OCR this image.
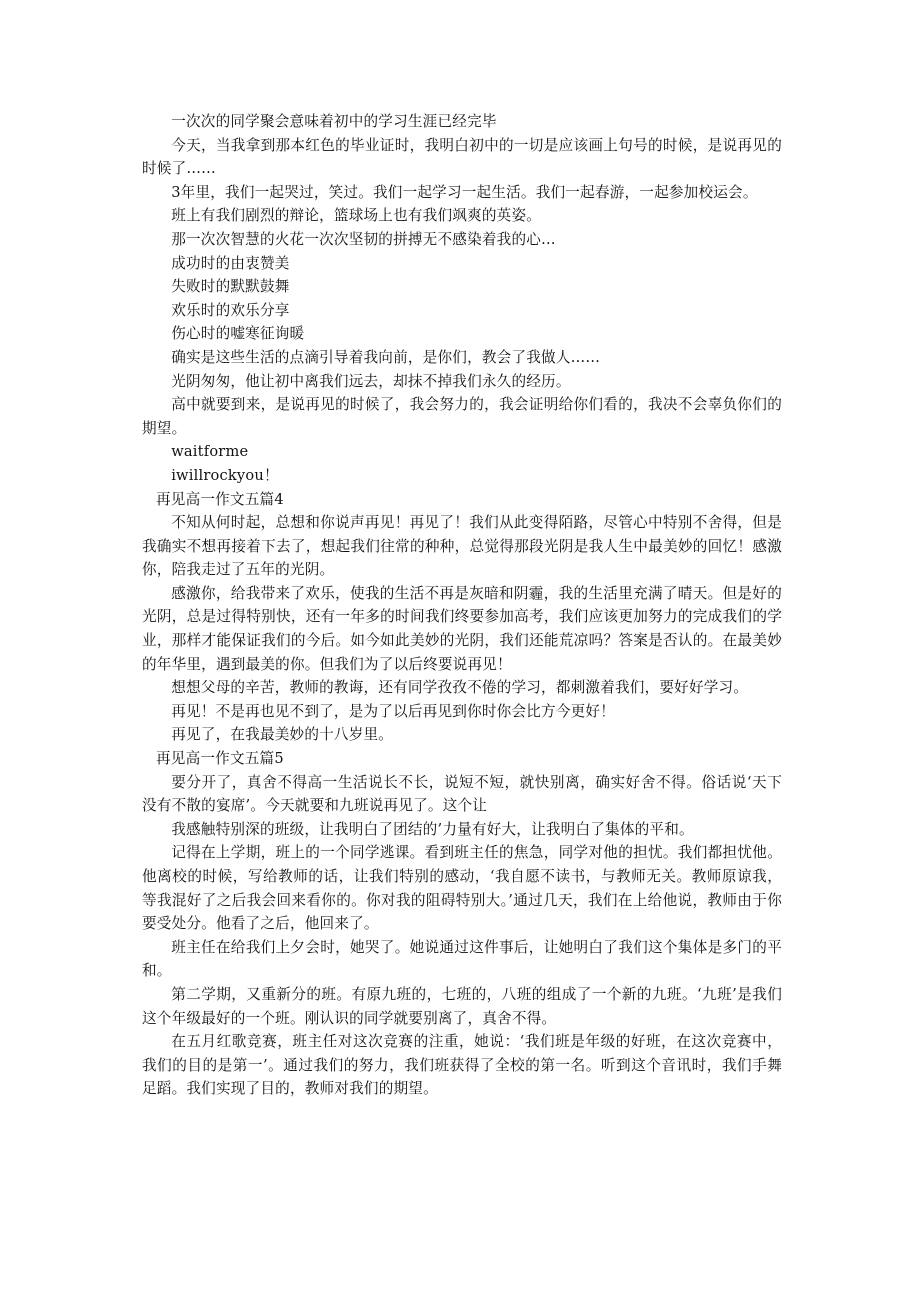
一次次的同学聚会意味着初中的学习生涯已经完毕

今天，当我拿到那本红色的毕业证时，我明白初中的一切是应该画上句号的时候，是说再见的时候了……

3年里，我们一起哭过，笑过。我们一起学习一起生活。我们一起春游，一起参加校运会。

班上有我们剧烈的辩论，篮球场上也有我们飒爽的英姿。

那一次次智慧的火花一次次坚韧的拼搏无不感染着我的心…

成功时的由衷赞美

失败时的默默鼓舞

欢乐时的欢乐分享

伤心时的嘘寒征询暖

确实是这些生活的点滴引导着我向前，是你们，教会了我做人……

光阴匆匆，他让初中离我们远去，却抹不掉我们永久的经历。

高中就要到来，是说再见的时候了，我会努力的，我会证明给你们看的，我决不会辜负你们的期望。

waitforme

iwillrockyou！

再见高一作文五篇4

不知从何时起，总想和你说声再见！再见了！我们从此变得陌路，尽管心中特别不舍得，但是我确实不想再接着下去了，想起我们往常的种种，总觉得那段光阴是我人生中最美妙的回忆！感激你，陪我走过了五年的光阴。

感激你，给我带来了欢乐，使我的生活不再是灰暗和阴霾，我的生活里充满了晴天。但是好的光阴，总是过得特别快，还有一年多的时间我们终要参加高考，我们应该更加努力的完成我们的学业，那样才能保证我们的今后。如今如此美妙的光阴，我们还能荒凉吗？答案是否认的。在最美妙的年华里，遇到最美的你。但我们为了以后终要说再见！

想想父母的辛苦，教师的教诲，还有同学孜孜不倦的学习，都刺激着我们，要好好学习。

再见！不是再也见不到了，是为了以后再见到你时你会比方今更好！

再见了，在我最美妙的十八岁里。

再见高一作文五篇5

要分开了，真舍不得高一生活说长不长，说短不短，就快别离，确实好舍不得。俗话说‘天下没有不散的宴席’。今天就要和九班说再见了。这个让

我感触特别深的班级，让我明白了团结的’力量有好大，让我明白了集体的平和。

记得在上学期，班上的一个同学逃课。看到班主任的焦急，同学对他的担忧。我们都担忧他。他离校的时候，写给教师的话，让我们特别的感动，‘我自愿不读书，与教师无关。教师原谅我，等我混好了之后我会回来看你的。你对我的阻碍特别大。’通过几天，我们在上给他说，教师由于你要受处分。他看了之后，他回来了。

班主任在给我们上夕会时，她哭了。她说通过这件事后，让她明白了我们这个集体是多门的平和。

第二学期，又重新分的班。有原九班的，七班的，八班的组成了一个新的九班。‘九班’是我们这个年级最好的一个班。刚认识的同学就要别离了，真舍不得。

在五月红歌竞赛，班主任对这次竞赛的注重，她说：‘我们班是年级的好班，在这次竞赛中，我们的目的是第一’。通过我们的努力，我们班获得了全校的第一名。听到这个音讯时，我们手舞足蹈。我们实现了目的，教师对我们的期望。
